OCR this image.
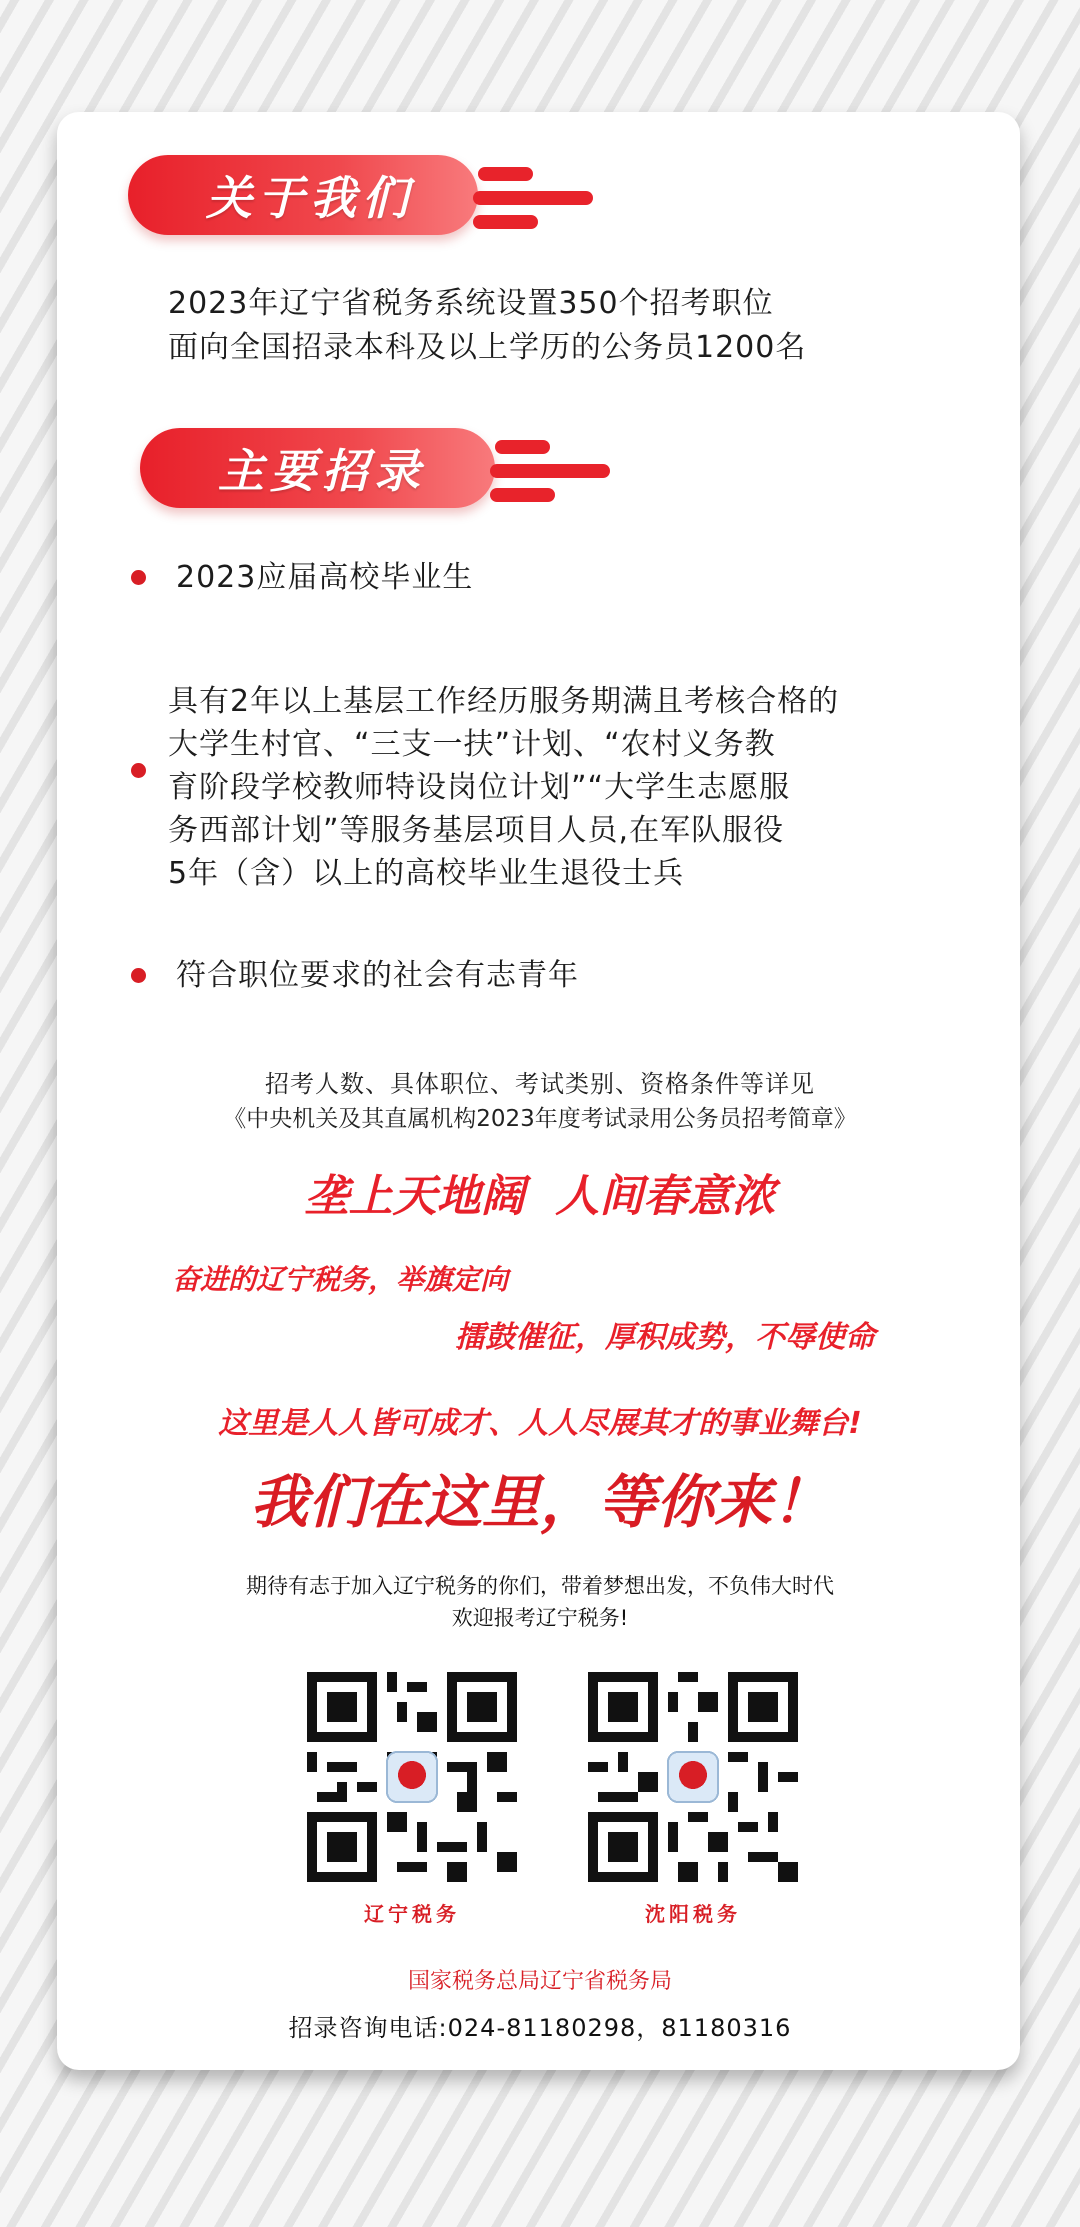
关于我们
2023年辽宁省税务系统设置350个招考职位
面向全国招录本科及以上学历的公务员1200名
主要招录
2023应届高校毕业生
具有2年以上基层工作经历服务期满且考核合格的
大学生村官、“三支一扶”计划、“农村义务教
育阶段学校教师特设岗位计划”“大学生志愿服
务西部计划”等服务基层项目人员,在军队服役
5年（含）以上的高校毕业生退役士兵
符合职位要求的社会有志青年
招考人数、具体职位、考试类别、资格条件等详见
《中央机关及其直属机构2023年度考试录用公务员招考简章》
垄上天地阔  人间春意浓
奋进的辽宁税务，举旗定向
擂鼓催征，厚积成势，不辱使命
这里是人人皆可成才、人人尽展其才的事业舞台!
我们在这里，等你来！
期待有志于加入辽宁税务的你们，带着梦想出发，不负伟大时代
欢迎报考辽宁税务!
辽宁税务	沈阳税务
国家税务总局辽宁省税务局
招录咨询电话:024-81180298，81180316
